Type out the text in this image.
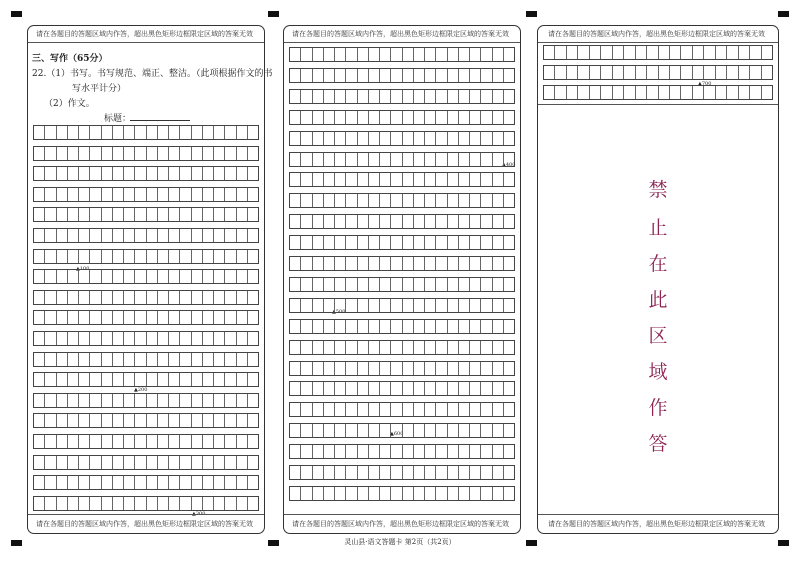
请在各题目的答题区域内作答，超出黑色矩形边框限定区域的答案无效
三、写作（65分）
22.（1）书写。书写规范、端正、整洁。（此项根据作文的书
写水平计分）
（2）作文。
标题：
▲100
▲200
▲300
请在各题目的答题区域内作答，超出黑色矩形边框限定区域的答案无效
请在各题目的答题区域内作答，超出黑色矩形边框限定区域的答案无效
▲400
▲500
▲600
请在各题目的答题区域内作答，超出黑色矩形边框限定区域的答案无效
请在各题目的答题区域内作答，超出黑色矩形边框限定区域的答案无效
▲700
禁
止
在
此
区
域
作
答
请在各题目的答题区域内作答，超出黑色矩形边框限定区域的答案无效
灵山县·语文答题卡 第2页（共2页）
